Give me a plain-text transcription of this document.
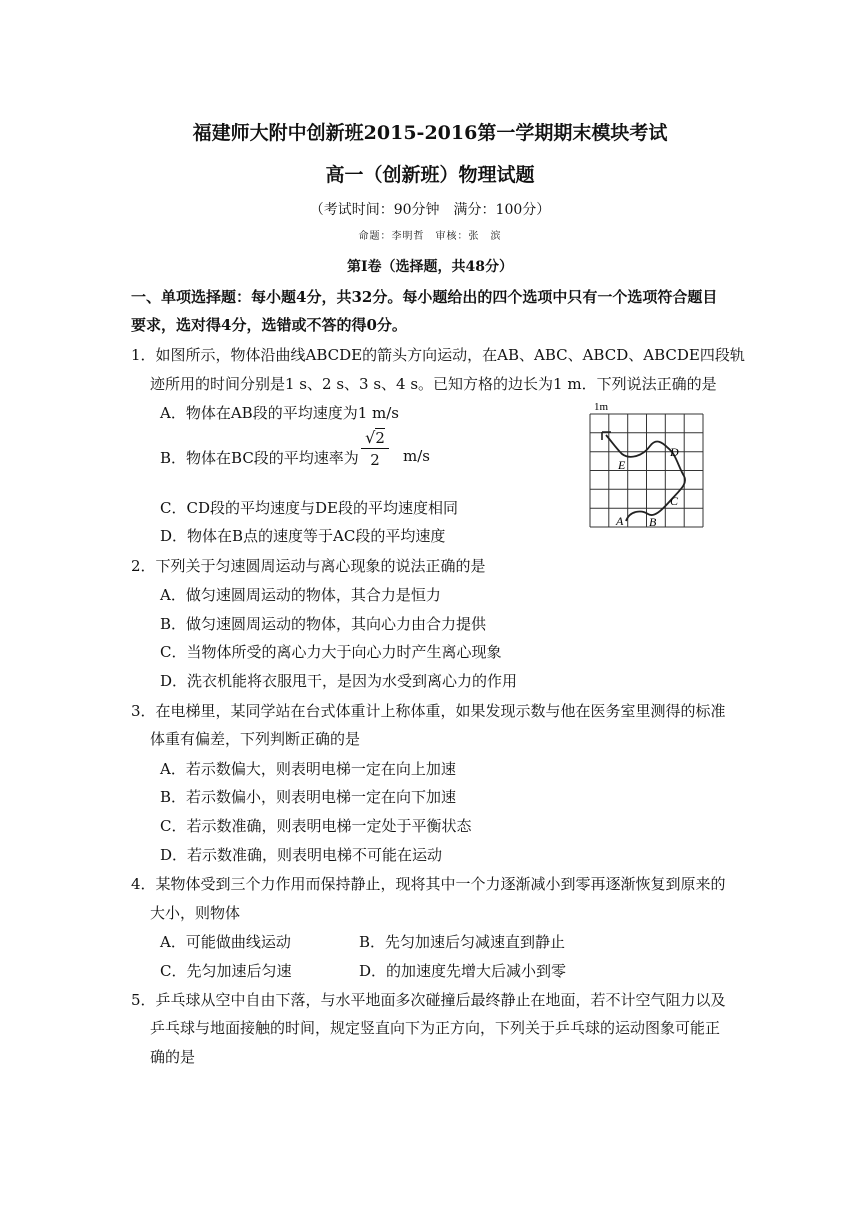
福建师大附中创新班2015-2016第一学期期末模块考试
高一（创新班）物理试题
（考试时间：90分钟　满分：100分）
命题：李明哲　审核：张　滨
第Ⅰ卷（选择题，共48分）
一、单项选择题：每小题4分，共32分。每小题给出的四个选项中只有一个选项符合题目
要求，选对得4分，选错或不答的得0分。
1．如图所示，物体沿曲线ABCDE的箭头方向运动，在AB、ABC、ABCD、ABCDE四段轨
迹所用的时间分别是1 s、2 s、3 s、4 s。已知方格的边长为1 m．下列说法正确的是
A．物体在AB段的平均速度为1 m/s
B．物体在BC段的平均速率为 $\frac{√2}{2} m/s$
C．CD段的平均速度与DE段的平均速度相同
D．物体在B点的速度等于AC段的平均速度
1m
A B
C
D
E
2．下列关于匀速圆周运动与离心现象的说法正确的是
A．做匀速圆周运动的物体，其合力是恒力
B．做匀速圆周运动的物体，其向心力由合力提供
C．当物体所受的离心力大于向心力时产生离心现象
D．洗衣机能将衣服甩干，是因为水受到离心力的作用
3．在电梯里，某同学站在台式体重计上称体重，如果发现示数与他在医务室里测得的标准
体重有偏差，下列判断正确的是
A．若示数偏大，则表明电梯一定在向上加速
B．若示数偏小，则表明电梯一定在向下加速
C．若示数准确，则表明电梯一定处于平衡状态
D．若示数准确，则表明电梯不可能在运动
4．某物体受到三个力作用而保持静止，现将其中一个力逐渐减小到零再逐渐恢复到原来的
大小，则物体
A．可能做曲线运动	B．先匀加速后匀减速直到静止
C．先匀加速后匀速	D．的加速度先增大后减小到零
5．乒乓球从空中自由下落，与水平地面多次碰撞后最终静止在地面，若不计空气阻力以及
乒乓球与地面接触的时间，规定竖直向下为正方向，下列关于乒乓球的运动图象可能正
确的是
